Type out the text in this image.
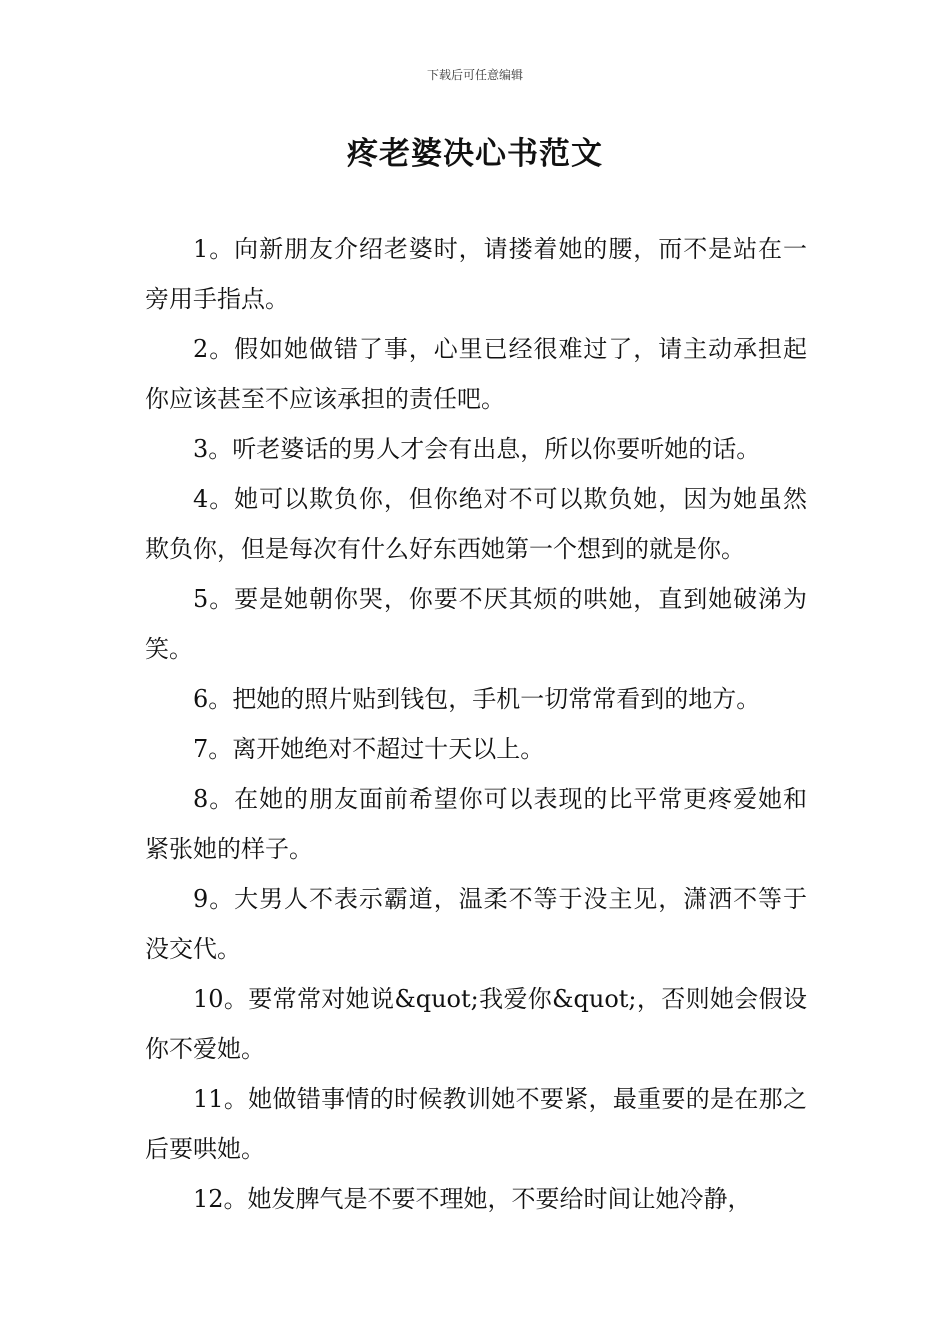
下载后可任意编辑
疼老婆决心书范文

1。向新朋友介绍老婆时，请搂着她的腰，而不是站在一旁用手指点。

2。假如她做错了事，心里已经很难过了，请主动承担起你应该甚至不应该承担的责任吧。

3。听老婆话的男人才会有出息，所以你要听她的话。

4。她可以欺负你，但你绝对不可以欺负她，因为她虽然欺负你，但是每次有什么好东西她第一个想到的就是你。

5。要是她朝你哭，你要不厌其烦的哄她，直到她破涕为笑。

6。把她的照片贴到钱包，手机一切常常看到的地方。

7。离开她绝对不超过十天以上。

8。在她的朋友面前希望你可以表现的比平常更疼爱她和紧张她的样子。

9。大男人不表示霸道，温柔不等于没主见，潇洒不等于没交代。

10。要常常对她说&quot;我爱你&quot;，否则她会假设你不爱她。

11。她做错事情的时候教训她不要紧，最重要的是在那之后要哄她。

12。她发脾气是不要不理她，不要给时间让她冷静，
